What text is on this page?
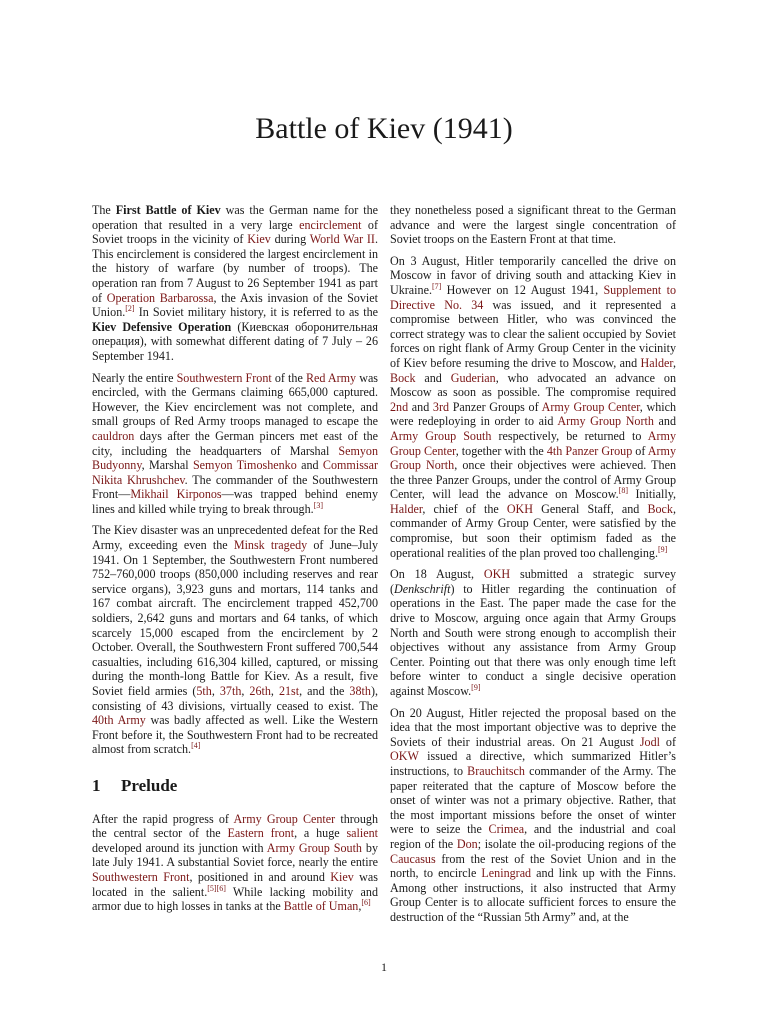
Battle of Kiev (1941)

The First Battle of Kiev was the German name for the operation that resulted in a very large encirclement of Soviet troops in the vicinity of Kiev during World War II. This encirclement is considered the largest encirclement in the history of warfare (by number of troops). The operation ran from 7 August to 26 September 1941 as part of Operation Barbarossa, the Axis invasion of the Soviet Union.[2] In Soviet military history, it is referred to as the Kiev Defensive Operation (Киевская оборонительная операция), with somewhat different dating of 7 July – 26 September 1941.

Nearly the entire Southwestern Front of the Red Army was encircled, with the Germans claiming 665,000 captured. However, the Kiev encirclement was not complete, and small groups of Red Army troops managed to escape the cauldron days after the German pincers met east of the city, including the headquarters of Marshal Semyon Budyonny, Marshal Semyon Timoshenko and Commissar Nikita Khrushchev. The commander of the Southwestern Front—Mikhail Kirponos—was trapped behind enemy lines and killed while trying to break through.[3]

The Kiev disaster was an unprecedented defeat for the Red Army, exceeding even the Minsk tragedy of June–July 1941. On 1 September, the Southwestern Front numbered 752–760,000 troops (850,000 including reserves and rear service organs), 3,923 guns and mortars, 114 tanks and 167 combat aircraft. The encirclement trapped 452,700 soldiers, 2,642 guns and mortars and 64 tanks, of which scarcely 15,000 escaped from the encirclement by 2 October. Overall, the Southwestern Front suffered 700,544 casualties, including 616,304 killed, captured, or missing during the month-long Battle for Kiev. As a result, five Soviet field armies (5th, 37th, 26th, 21st, and the 38th), consisting of 43 divisions, virtually ceased to exist. The 40th Army was badly affected as well. Like the Western Front before it, the Southwestern Front had to be recreated almost from scratch.[4]

1	Prelude

After the rapid progress of Army Group Center through the central sector of the Eastern front, a huge salient developed around its junction with Army Group South by late July 1941. A substantial Soviet force, nearly the entire Southwestern Front, positioned in and around Kiev was located in the salient.[5][6] While lacking mobility and armor due to high losses in tanks at the Battle of Uman,[6]

they nonetheless posed a significant threat to the German advance and were the largest single concentration of Soviet troops on the Eastern Front at that time.

On 3 August, Hitler temporarily cancelled the drive on Moscow in favor of driving south and attacking Kiev in Ukraine.[7] However on 12 August 1941, Supplement to Directive No. 34 was issued, and it represented a compromise between Hitler, who was convinced the correct strategy was to clear the salient occupied by Soviet forces on right flank of Army Group Center in the vicinity of Kiev before resuming the drive to Moscow, and Halder, Bock and Guderian, who advocated an advance on Moscow as soon as possible. The compromise required 2nd and 3rd Panzer Groups of Army Group Center, which were redeploying in order to aid Army Group North and Army Group South respectively, be returned to Army Group Center, together with the 4th Panzer Group of Army Group North, once their objectives were achieved. Then the three Panzer Groups, under the control of Army Group Center, will lead the advance on Moscow.[8] Initially, Halder, chief of the OKH General Staff, and Bock, commander of Army Group Center, were satisfied by the compromise, but soon their optimism faded as the operational realities of the plan proved too challenging.[9]

On 18 August, OKH submitted a strategic survey (Denkschrift) to Hitler regarding the continuation of operations in the East. The paper made the case for the drive to Moscow, arguing once again that Army Groups North and South were strong enough to accomplish their objectives without any assistance from Army Group Center. Pointing out that there was only enough time left before winter to conduct a single decisive operation against Moscow.[9]

On 20 August, Hitler rejected the proposal based on the idea that the most important objective was to deprive the Soviets of their industrial areas. On 21 August Jodl of OKW issued a directive, which summarized Hitler’s instructions, to Brauchitsch commander of the Army. The paper reiterated that the capture of Moscow before the onset of winter was not a primary objective. Rather, that the most important missions before the onset of winter were to seize the Crimea, and the industrial and coal region of the Don; isolate the oil-producing regions of the Caucasus from the rest of the Soviet Union and in the north, to encircle Leningrad and link up with the Finns. Among other instructions, it also instructed that Army Group Center is to allocate sufficient forces to ensure the destruction of the “Russian 5th Army” and, at the

1
